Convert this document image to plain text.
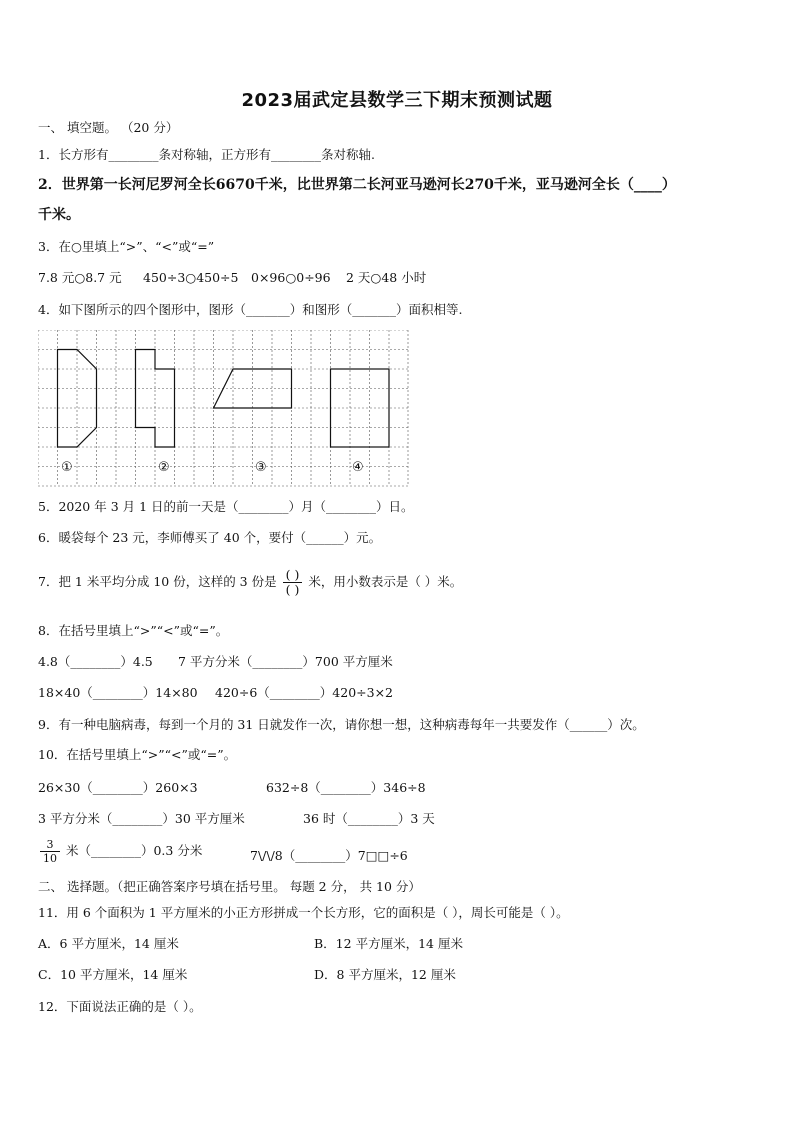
2023届武定县数学三下期末预测试题
一、 填空题。 （20 分）
1．长方形有________条对称轴，正方形有________条对称轴.
2．世界第一长河尼罗河全长6670千米，比世界第二长河亚马逊河长270千米，亚马逊河全长（____）
千米。
3．在○里填上“>”、“<”或“=”
7.8 元○8.7 元 450÷3○450÷5 0×96○0÷96 2 天○48 小时
4．如下图所示的四个图形中，图形（_______）和图形（_______）面积相等.
①	②	③	④
5．2020 年 3 月 1 日的前一天是（________）月（________）日。
6．暖袋每个 23 元，李师傅买了 40 个，要付（______）元。
7．把 1 米平均分成 10 份，这样的 3 份是 $\frac{( )}{( )}$ 米，用小数表示是（ ）米。
8．在括号里填上“>”“<”或“=”。
4.8（________）4.5 7 平方分米（________）700 平方厘米
18×40（________）14×80 420÷6（________）420÷3×2
9．有一种电脑病毒，每到一个月的 31 日就发作一次，请你想一想，这种病毒每年一共要发作（______）次。
10．在括号里填上“>”“<”或“=”。
26×30（________）260×3	632÷8（________）346÷8
3 平方分米（________）30 平方厘米	36 时（________）3 天
$\frac{3}{10}$ 米（________）0.3 分米	7\/\/8（________）7□□÷6
二、 选择题。（把正确答案序号填在括号里。 每题 2 分， 共 10 分）
11．用 6 个面积为 1 平方厘米的小正方形拼成一个长方形，它的面积是（ ），周长可能是（ ）。
A．6 平方厘米，14 厘米	B．12 平方厘米，14 厘米
C．10 平方厘米，14 厘米	D．8 平方厘米，12 厘米
12．下面说法正确的是（ ）。
